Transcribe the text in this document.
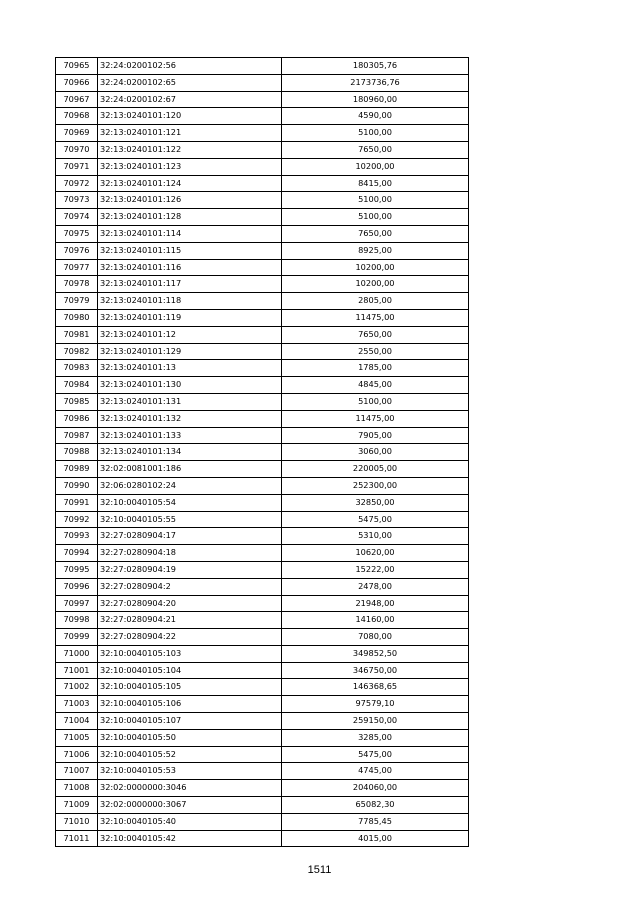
70965	32:24:0200102:56	180305,76
70966	32:24:0200102:65	2173736,76
70967	32:24:0200102:67	180960,00
70968	32:13:0240101:120	4590,00
70969	32:13:0240101:121	5100,00
70970	32:13:0240101:122	7650,00
70971	32:13:0240101:123	10200,00
70972	32:13:0240101:124	8415,00
70973	32:13:0240101:126	5100,00
70974	32:13:0240101:128	5100,00
70975	32:13:0240101:114	7650,00
70976	32:13:0240101:115	8925,00
70977	32:13:0240101:116	10200,00
70978	32:13:0240101:117	10200,00
70979	32:13:0240101:118	2805,00
70980	32:13:0240101:119	11475,00
70981	32:13:0240101:12	7650,00
70982	32:13:0240101:129	2550,00
70983	32:13:0240101:13	1785,00
70984	32:13:0240101:130	4845,00
70985	32:13:0240101:131	5100,00
70986	32:13:0240101:132	11475,00
70987	32:13:0240101:133	7905,00
70988	32:13:0240101:134	3060,00
70989	32:02:0081001:186	220005,00
70990	32:06:0280102:24	252300,00
70991	32:10:0040105:54	32850,00
70992	32:10:0040105:55	5475,00
70993	32:27:0280904:17	5310,00
70994	32:27:0280904:18	10620,00
70995	32:27:0280904:19	15222,00
70996	32:27:0280904:2	2478,00
70997	32:27:0280904:20	21948,00
70998	32:27:0280904:21	14160,00
70999	32:27:0280904:22	7080,00
71000	32:10:0040105:103	349852,50
71001	32:10:0040105:104	346750,00
71002	32:10:0040105:105	146368,65
71003	32:10:0040105:106	97579,10
71004	32:10:0040105:107	259150,00
71005	32:10:0040105:50	3285,00
71006	32:10:0040105:52	5475,00
71007	32:10:0040105:53	4745,00
71008	32:02:0000000:3046	204060,00
71009	32:02:0000000:3067	65082,30
71010	32:10:0040105:40	7785,45
71011	32:10:0040105:42	4015,00
1511
